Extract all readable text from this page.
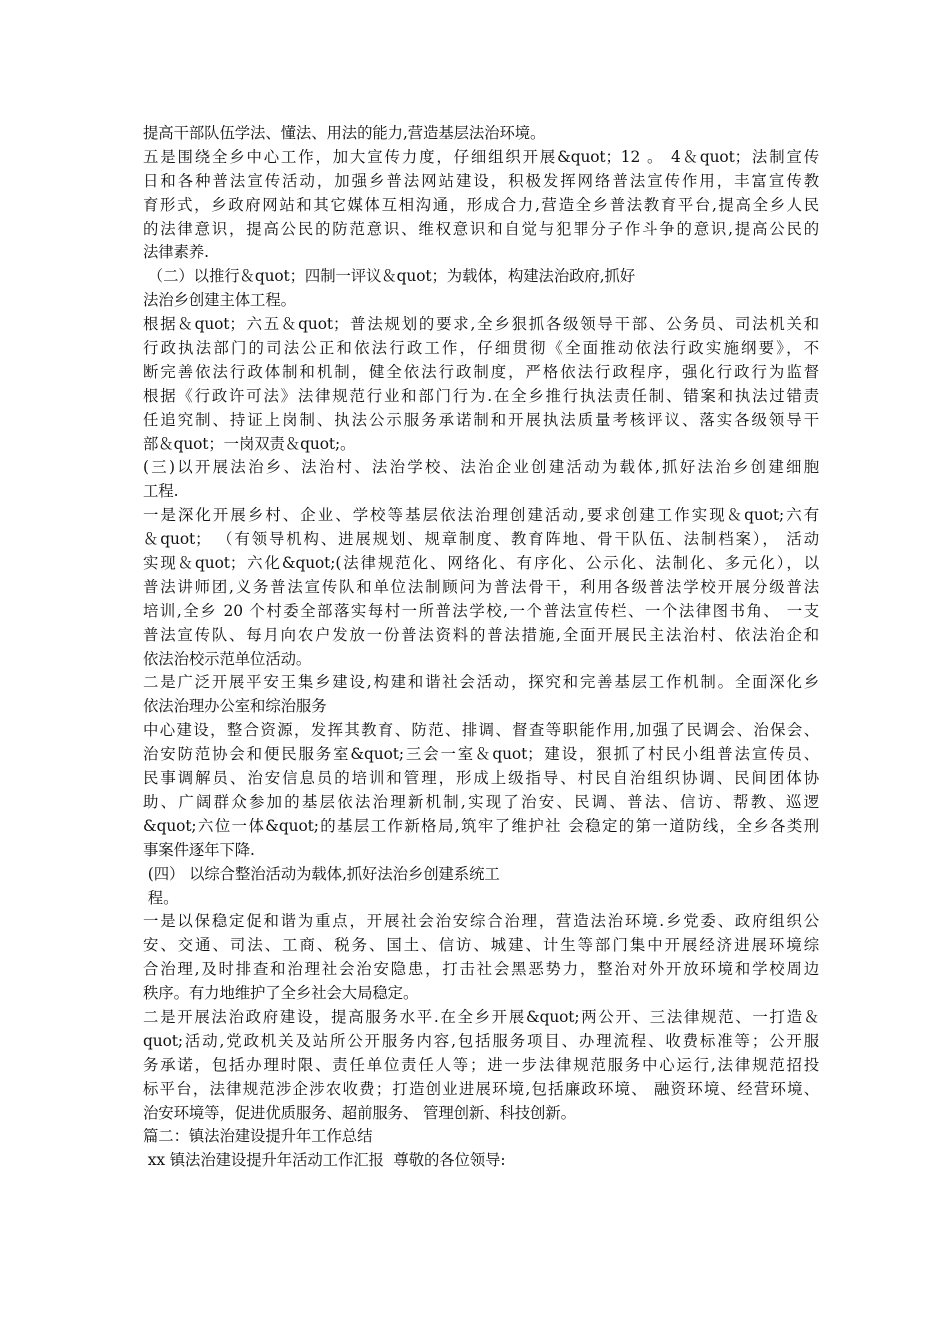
提高干部队伍学法、懂法、用法的能力,营造基层法治环境。
五是围绕全乡中心工作，加大宣传力度，仔细组织开展&quot；12 。 4＆quot；法制宣传
日和各种普法宣传活动，加强乡普法网站建设，积极发挥网络普法宣传作用，丰富宣传教
育形式，乡政府网站和其它媒体互相沟通，形成合力,营造全乡普法教育平台,提高全乡人民
的法律意识，提高公民的防范意识、维权意识和自觉与犯罪分子作斗争的意识,提高公民的
法律素养.
（二）以推行＆quot；四制一评议＆quot；为载体，构建法治政府,抓好
法治乡创建主体工程。
根据＆quot；六五＆quot；普法规划的要求,全乡狠抓各级领导干部、公务员、司法机关和
行政执法部门的司法公正和依法行政工作，仔细贯彻《全面推动依法行政实施纲要》，不
断完善依法行政体制和机制，健全依法行政制度，严格依法行政程序，强化行政行为监督
根据《行政许可法》法律规范行业和部门行为.在全乡推行执法责任制、错案和执法过错责
任追究制、持证上岗制、执法公示服务承诺制和开展执法质量考核评议、落实各级领导干
部＆quot；一岗双责＆quot;。
(三)以开展法治乡、法治村、法治学校、法治企业创建活动为载体,抓好法治乡创建细胞
工程.
一是深化开展乡村、企业、学校等基层依法治理创建活动,要求创建工作实现＆quot;六有
＆quot； （有领导机构、进展规划、规章制度、教育阵地、骨干队伍、法制档案）， 活动
实现＆quot；六化&quot;(法律规范化、网络化、有序化、公示化、法制化、多元化），以
普法讲师团,义务普法宣传队和单位法制顾问为普法骨干，利用各级普法学校开展分级普法
培训,全乡 20 个村委全部落实每村一所普法学校,一个普法宣传栏、一个法律图书角、 一支
普法宣传队、每月向农户发放一份普法资料的普法措施,全面开展民主法治村、依法治企和
依法治校示范单位活动。
二是广泛开展平安王集乡建设,构建和谐社会活动，探究和完善基层工作机制。全面深化乡
依法治理办公室和综治服务
中心建设，整合资源，发挥其教育、防范、排调、督查等职能作用,加强了民调会、治保会、
治安防范协会和便民服务室&quot;三会一室＆quot；建设，狠抓了村民小组普法宣传员、
民事调解员、治安信息员的培训和管理，形成上级指导、村民自治组织协调、民间团体协
助、广阔群众参加的基层依法治理新机制,实现了治安、民调、普法、信访、帮教、巡逻
&quot;六位一体&quot;的基层工作新格局,筑牢了维护社 会稳定的第一道防线，全乡各类刑
事案件逐年下降.
(四） 以综合整治活动为载体,抓好法治乡创建系统工
程。
一是以保稳定促和谐为重点，开展社会治安综合治理，营造法治环境.乡党委、政府组织公
安、交通、司法、工商、税务、国土、信访、城建、计生等部门集中开展经济进展环境综
合治理,及时排查和治理社会治安隐患，打击社会黑恶势力，整治对外开放环境和学校周边
秩序。有力地维护了全乡社会大局稳定。
二是开展法治政府建设，提高服务水平.在全乡开展&quot;两公开、三法律规范、一打造＆
quot;活动,党政机关及站所公开服务内容,包括服务项目、办理流程、收费标准等；公开服
务承诺，包括办理时限、责任单位责任人等；进一步法律规范服务中心运行,法律规范招投
标平台，法律规范涉企涉农收费；打造创业进展环境,包括廉政环境、 融资环境、经营环境、
治安环境等，促进优质服务、超前服务、 管理创新、科技创新。
篇二：镇法治建设提升年工作总结
xx 镇法治建设提升年活动工作汇报  尊敬的各位领导:
